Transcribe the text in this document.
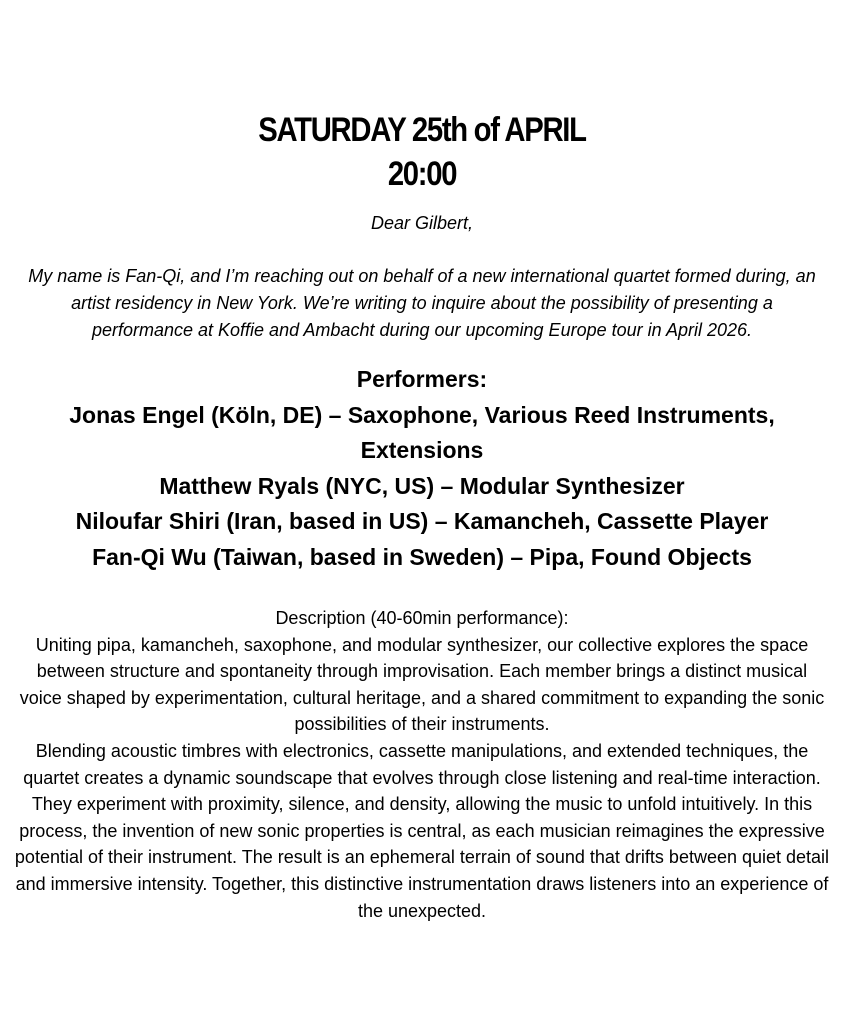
SATURDAY 25th of APRIL
20:00
Dear Gilbert,
My name is Fan-Qi, and I’m reaching out on behalf of a new international quartet formed during, an artist residency in New York. We’re writing to inquire about the possibility of presenting a performance at Koffie and Ambacht during our upcoming Europe tour in April 2026.
Performers:
Jonas Engel (Köln, DE) – Saxophone, Various Reed Instruments, Extensions
Matthew Ryals (NYC, US) – Modular Synthesizer
Niloufar Shiri (Iran, based in US) – Kamancheh, Cassette Player
Fan-Qi Wu (Taiwan, based in Sweden) – Pipa, Found Objects
Description (40-60min performance):
Uniting pipa, kamancheh, saxophone, and modular synthesizer, our collective explores the space between structure and spontaneity through improvisation. Each member brings a distinct musical voice shaped by experimentation, cultural heritage, and a shared commitment to expanding the sonic possibilities of their instruments.
Blending acoustic timbres with electronics, cassette manipulations, and extended techniques, the quartet creates a dynamic soundscape that evolves through close listening and real-time interaction. They experiment with proximity, silence, and density, allowing the music to unfold intuitively. In this process, the invention of new sonic properties is central, as each musician reimagines the expressive potential of their instrument. The result is an ephemeral terrain of sound that drifts between quiet detail and immersive intensity. Together, this distinctive instrumentation draws listeners into an experience of the unexpected.
